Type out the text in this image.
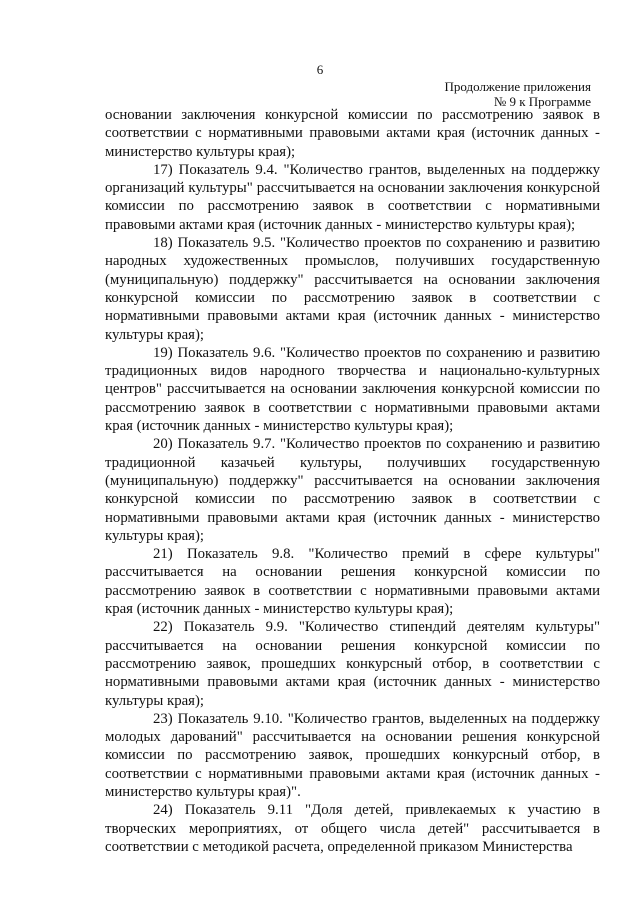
6
Продолжение приложения
№ 9 к Программе

основании заключения конкурсной комиссии по рассмотрению заявок в соответствии с нормативными правовыми актами края (источник данных - министерство культуры края);

17) Показатель 9.4. "Количество грантов, выделенных на поддержку организаций культуры" рассчитывается на основании заключения конкурсной комиссии по рассмотрению заявок в соответствии с нормативными правовыми актами края (источник данных - министерство культуры края);

18) Показатель 9.5. "Количество проектов по сохранению и развитию народных художественных промыслов, получивших государственную (муниципальную) поддержку" рассчитывается на основании заключения конкурсной комиссии по рассмотрению заявок в соответствии с нормативными правовыми актами края (источник данных - министерство культуры края);

19) Показатель 9.6. "Количество проектов по сохранению и развитию традиционных видов народного творчества и национально-культурных центров" рассчитывается на основании заключения конкурсной комиссии по рассмотрению заявок в соответствии с нормативными правовыми актами края (источник данных - министерство культуры края);

20) Показатель 9.7. "Количество проектов по сохранению и развитию традиционной казачьей культуры, получивших государственную (муниципальную) поддержку" рассчитывается на основании заключения конкурсной комиссии по рассмотрению заявок в соответствии с нормативными правовыми актами края (источник данных - министерство культуры края);

21) Показатель 9.8. "Количество премий в сфере культуры" рассчитывается на основании решения конкурсной комиссии по рассмотрению заявок в соответствии с нормативными правовыми актами края (источник данных - министерство культуры края);

22) Показатель 9.9. "Количество стипендий деятелям культуры" рассчитывается на основании решения конкурсной комиссии по рассмотрению заявок, прошедших конкурсный отбор, в соответствии с нормативными правовыми актами края (источник данных - министерство культуры края);

23) Показатель 9.10. "Количество грантов, выделенных на поддержку молодых дарований" рассчитывается на основании решения конкурсной комиссии по рассмотрению заявок, прошедших конкурсный отбор, в соответствии с нормативными правовыми актами края (источник данных - министерство культуры края)".

24) Показатель 9.11 "Доля детей, привлекаемых к участию в творческих мероприятиях, от общего числа детей" рассчитывается в соответствии с методикой расчета, определенной приказом Министерства
